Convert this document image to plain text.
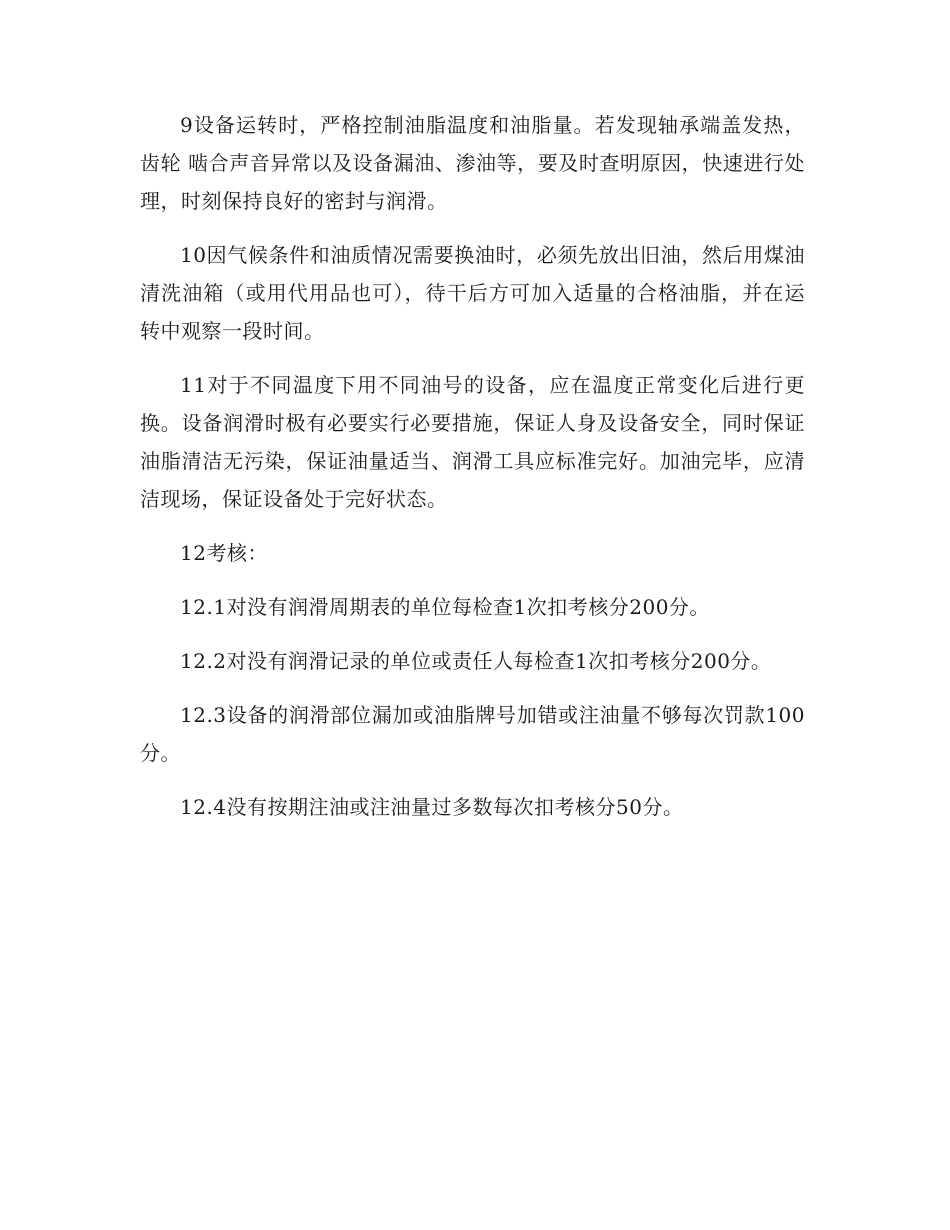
9设备运转时，严格控制油脂温度和油脂量。若发现轴承端盖发热，齿轮 啮合声音异常以及设备漏油、渗油等，要及时查明原因，快速进行处理，时刻保持良好的密封与润滑。

10因气候条件和油质情况需要换油时，必须先放出旧油，然后用煤油清洗油箱（或用代用品也可），待干后方可加入适量的合格油脂，并在运转中观察一段时间。

11对于不同温度下用不同油号的设备，应在温度正常变化后进行更换。设备润滑时极有必要实行必要措施，保证人身及设备安全，同时保证油脂清洁无污染，保证油量适当、润滑工具应标准完好。加油完毕，应清洁现场，保证设备处于完好状态。

12考核：

12.1对没有润滑周期表的单位每检查1次扣考核分200分。

12.2对没有润滑记录的单位或责任人每检查1次扣考核分200分。

12.3设备的润滑部位漏加或油脂牌号加错或注油量不够每次罚款100分。

12.4没有按期注油或注油量过多数每次扣考核分50分。
